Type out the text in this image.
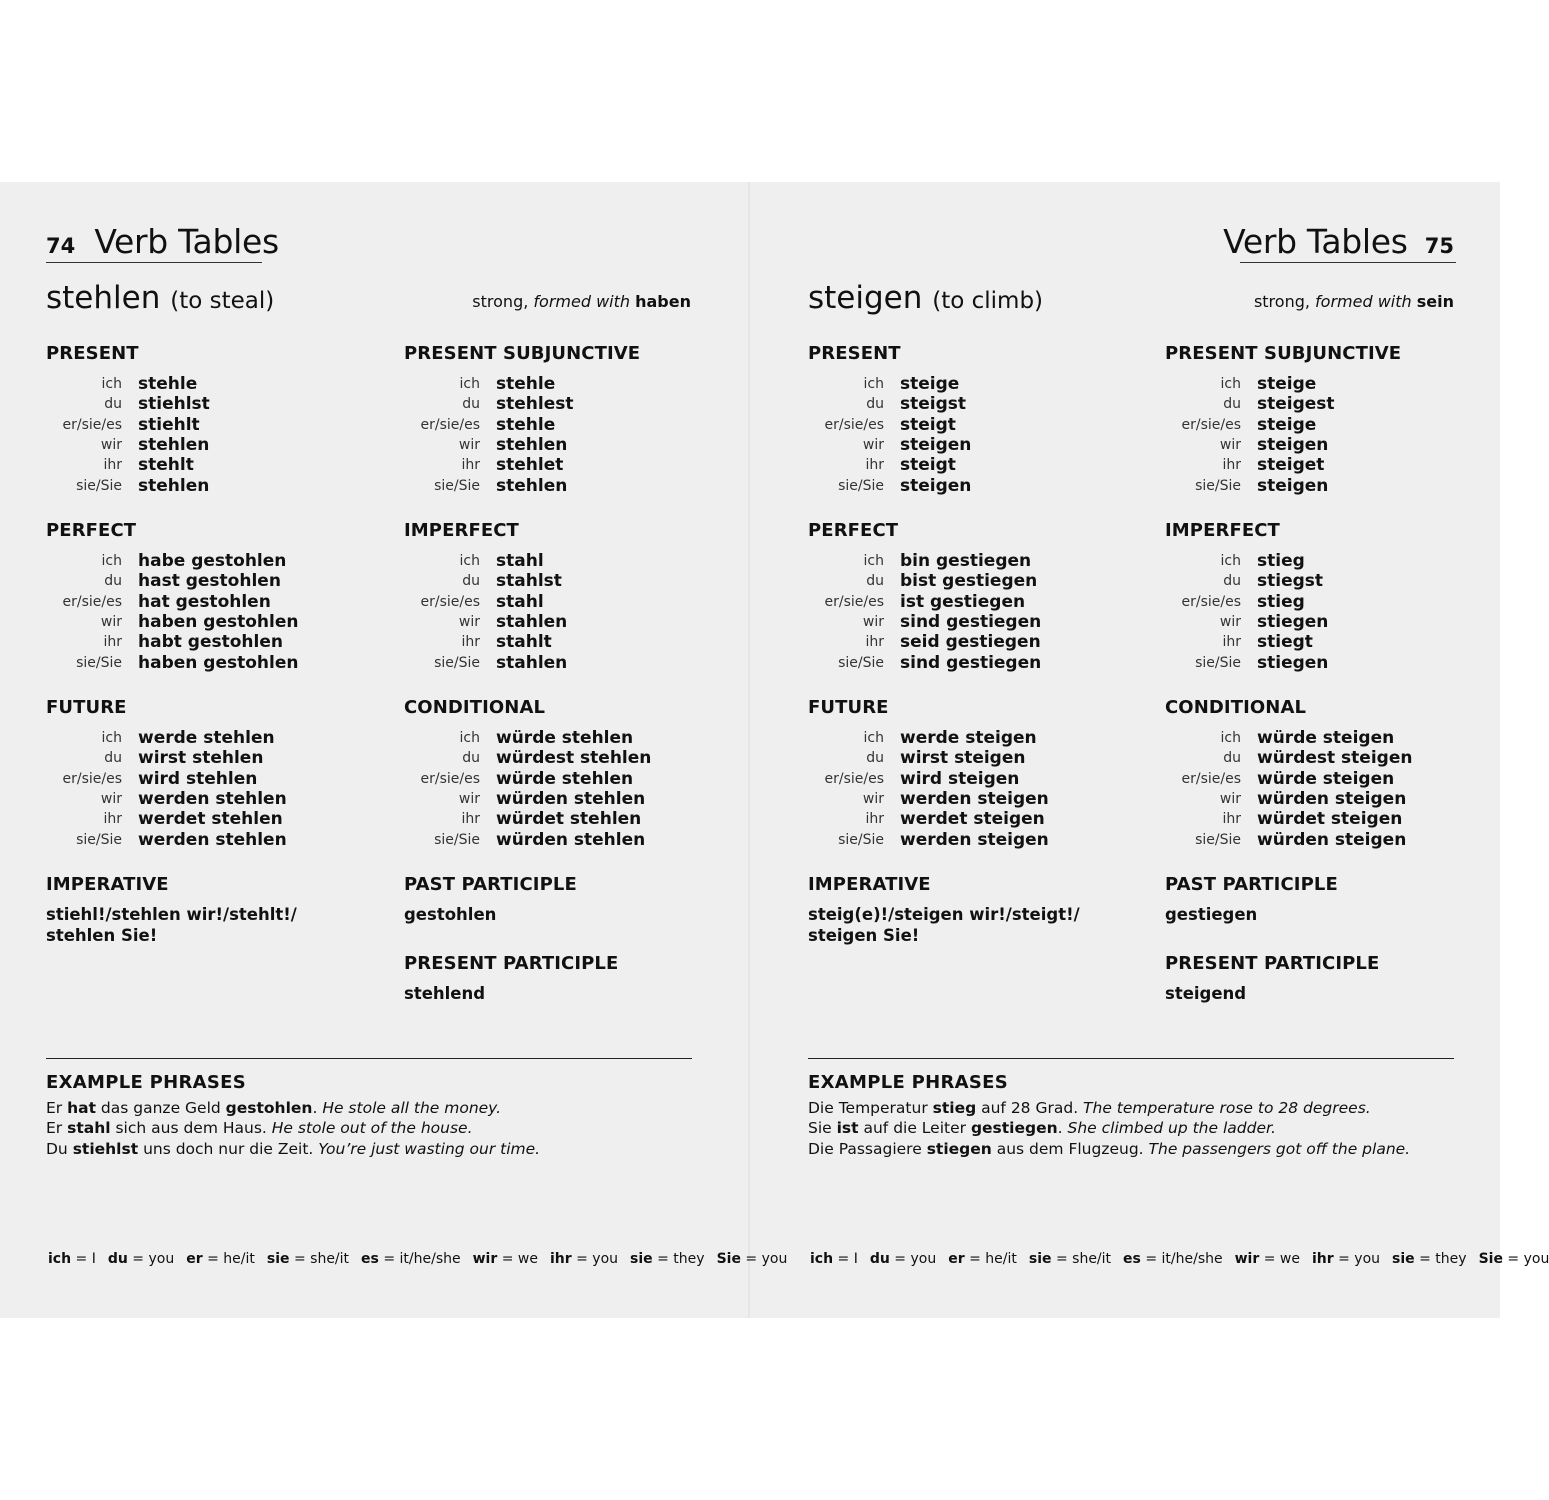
74 Verb Tables
stehlen (to steal)	strong, formed with haben
PRESENT
ich stehle
du stiehlst
er/sie/es stiehlt
wir stehlen
ihr stehlt
sie/Sie stehlen
PRESENT SUBJUNCTIVE
ich stehle
du stehlest
er/sie/es stehle
wir stehlen
ihr stehlet
sie/Sie stehlen
PERFECT
ich habe gestohlen
du hast gestohlen
er/sie/es hat gestohlen
wir haben gestohlen
ihr habt gestohlen
sie/Sie haben gestohlen
IMPERFECT
ich stahl
du stahlst
er/sie/es stahl
wir stahlen
ihr stahlt
sie/Sie stahlen
FUTURE
ich werde stehlen
du wirst stehlen
er/sie/es wird stehlen
wir werden stehlen
ihr werdet stehlen
sie/Sie werden stehlen
CONDITIONAL
ich würde stehlen
du würdest stehlen
er/sie/es würde stehlen
wir würden stehlen
ihr würdet stehlen
sie/Sie würden stehlen
IMPERATIVE
stiehl!/stehlen wir!/stehlt!/
stehlen Sie!
PAST PARTICIPLE
gestohlen
PRESENT PARTICIPLE
stehlend
EXAMPLE PHRASES
Er hat das ganze Geld gestohlen. He stole all the money.
Er stahl sich aus dem Haus. He stole out of the house.
Du stiehlst uns doch nur die Zeit. You’re just wasting our time.
ich = I du = you er = he/it sie = she/it es = it/he/she wir = we ihr = you sie = they Sie = you
Verb Tables 75
steigen (to climb)	strong, formed with sein
PRESENT
ich steige
du steigst
er/sie/es steigt
wir steigen
ihr steigt
sie/Sie steigen
PRESENT SUBJUNCTIVE
ich steige
du steigest
er/sie/es steige
wir steigen
ihr steiget
sie/Sie steigen
PERFECT
ich bin gestiegen
du bist gestiegen
er/sie/es ist gestiegen
wir sind gestiegen
ihr seid gestiegen
sie/Sie sind gestiegen
IMPERFECT
ich stieg
du stiegst
er/sie/es stieg
wir stiegen
ihr stiegt
sie/Sie stiegen
FUTURE
ich werde steigen
du wirst steigen
er/sie/es wird steigen
wir werden steigen
ihr werdet steigen
sie/Sie werden steigen
CONDITIONAL
ich würde steigen
du würdest steigen
er/sie/es würde steigen
wir würden steigen
ihr würdet steigen
sie/Sie würden steigen
IMPERATIVE
steig(e)!/steigen wir!/steigt!/
steigen Sie!
PAST PARTICIPLE
gestiegen
PRESENT PARTICIPLE
steigend
EXAMPLE PHRASES
Die Temperatur stieg auf 28 Grad. The temperature rose to 28 degrees.
Sie ist auf die Leiter gestiegen. She climbed up the ladder.
Die Passagiere stiegen aus dem Flugzeug. The passengers got off the plane.
ich = I du = you er = he/it sie = she/it es = it/he/she wir = we ihr = you sie = they Sie = you
